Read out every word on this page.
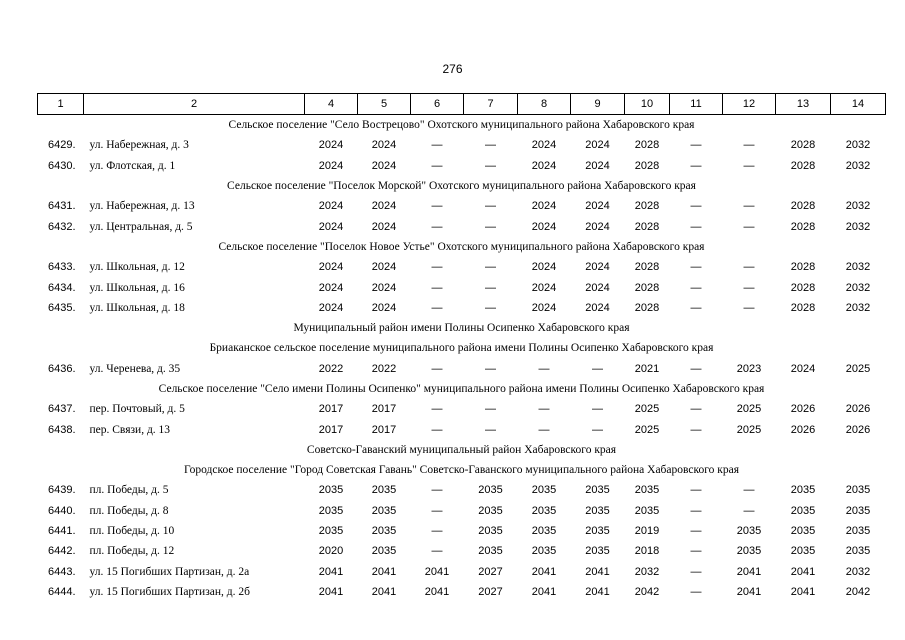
276
1	2	4	5	6	7	8	9	10	11	12	13	14
Сельское поселение "Село Вострецово" Охотского муниципального района Хабаровского края												
6429.	ул. Набережная, д. 3	2024	2024	—	—	2024	2024	2028	—	—	2028	2032
6430.	ул. Флотская, д. 1	2024	2024	—	—	2024	2024	2028	—	—	2028	2032
Сельское поселение "Поселок Морской" Охотского муниципального района Хабаровского края												
6431.	ул. Набережная, д. 13	2024	2024	—	—	2024	2024	2028	—	—	2028	2032
6432.	ул. Центральная, д. 5	2024	2024	—	—	2024	2024	2028	—	—	2028	2032
Сельское поселение "Поселок Новое Устье" Охотского муниципального района Хабаровского края												
6433.	ул. Школьная, д. 12	2024	2024	—	—	2024	2024	2028	—	—	2028	2032
6434.	ул. Школьная, д. 16	2024	2024	—	—	2024	2024	2028	—	—	2028	2032
6435.	ул. Школьная, д. 18	2024	2024	—	—	2024	2024	2028	—	—	2028	2032
Муниципальный район имени Полины Осипенко Хабаровского края												
Бриаканское сельское поселение муниципального района имени Полины Осипенко Хабаровского края												
6436.	ул. Черенева, д. 35	2022	2022	—	—	—	—	2021	—	2023	2024	2025
Сельское поселение "Село имени Полины Осипенко" муниципального района имени Полины Осипенко Хабаровского края												
6437.	пер. Почтовый, д. 5	2017	2017	—	—	—	—	2025	—	2025	2026	2026
6438.	пер. Связи, д. 13	2017	2017	—	—	—	—	2025	—	2025	2026	2026
Советско-Гаванский муниципальный район Хабаровского края												
Городское поселение "Город Советская Гавань" Советско-Гаванского муниципального района Хабаровского края												
6439.	пл. Победы, д. 5	2035	2035	—	2035	2035	2035	2035	—	—	2035	2035
6440.	пл. Победы, д. 8	2035	2035	—	2035	2035	2035	2035	—	—	2035	2035
6441.	пл. Победы, д. 10	2035	2035	—	2035	2035	2035	2019	—	2035	2035	2035
6442.	пл. Победы, д. 12	2020	2035	—	2035	2035	2035	2018	—	2035	2035	2035
6443.	ул. 15 Погибших Партизан, д. 2а	2041	2041	2041	2027	2041	2041	2032	—	2041	2041	2032
6444.	ул. 15 Погибших Партизан, д. 2б	2041	2041	2041	2027	2041	2041	2042	—	2041	2041	2042
